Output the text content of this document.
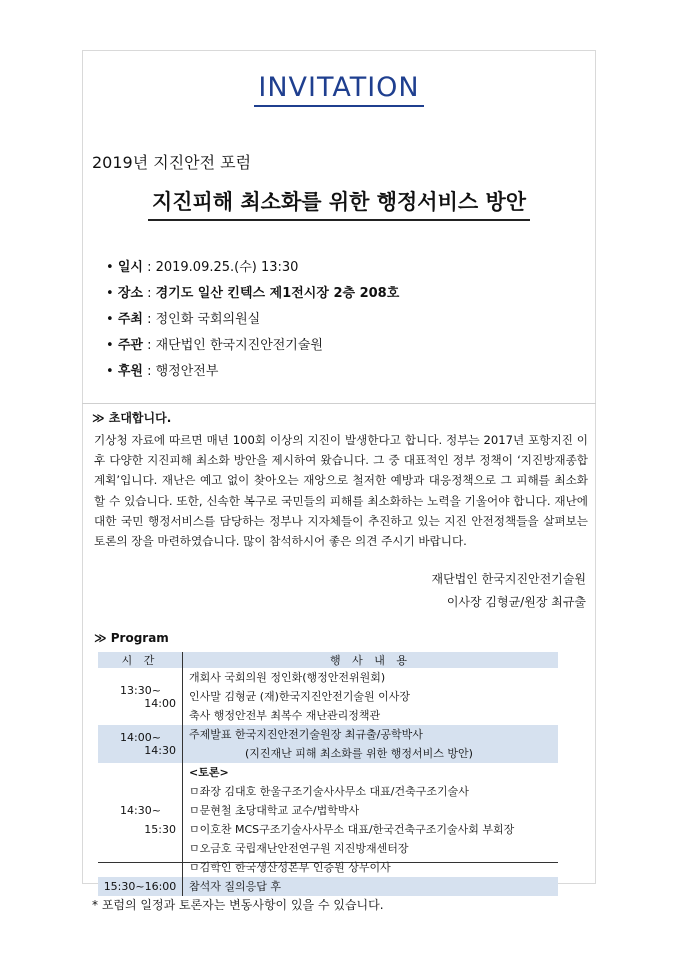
INVITATION
2019년 지진안전 포럼
지진피해 최소화를 위한 행정서비스 방안
• 일시 : 2019.09.25.(수) 13:30
• 장소 : 경기도 일산 킨텍스 제1전시장 2층 208호
• 주최 : 정인화 국회의원실
• 주관 : 재단법인 한국지진안전기술원
• 후원 : 행정안전부
≫ 초대합니다.
기상청 자료에 따르면 매년 100회 이상의 지진이 발생한다고 합니다. 정부는 2017년 포항지진 이후 다양한 지진피해 최소화 방안을 제시하여 왔습니다. 그 중 대표적인 정부 정책이 ‘지진방재종합계획’입니다. 재난은 예고 없이 찾아오는 재앙으로 철저한 예방과 대응정책으로 그 피해를 최소화 할 수 있습니다. 또한, 신속한 복구로 국민들의 피해를 최소화하는 노력을 기울어야 합니다. 재난에 대한 국민 행정서비스를 담당하는 정부나 지자체들이 추진하고 있는 지진 안전정책들을 살펴보는 토론의 장을 마련하였습니다. 많이 참석하시어 좋은 의견 주시기 바랍니다.
재단법인 한국지진안전기술원
이사장 김형균/원장 최규출
≫ Program
시 간	행 사 내 용

13:30~
14:00	개회사 국회의원 정인화(행정안전위원회)
	인사말 김형균 (재)한국지진안전기술원 이사장
	축사 행정안전부 최복수 재난관리정책관

14:00~
14:30	주제발표 한국지진안전기술원장 최규출/공학박사
	(지진재난 피해 최소화를 위한 행정서비스 방안)

14:30~
15:30	<토론>
	ㅁ좌장 김대호 한울구조기술사사무소 대표/건축구조기술사
	ㅁ문현철 초당대학교 교수/법학박사
	ㅁ이호찬 MCS구조기술사사무소 대표/한국건축구조기술사회 부회장
	ㅁ오금호 국립재난안전연구원 지진방재센터장
	ㅁ김학인 한국생산성본부 인증원 상무이사
15:30~16:00	참석자 질의응답 후
* 포럼의 일정과 토론자는 변동사항이 있을 수 있습니다.
